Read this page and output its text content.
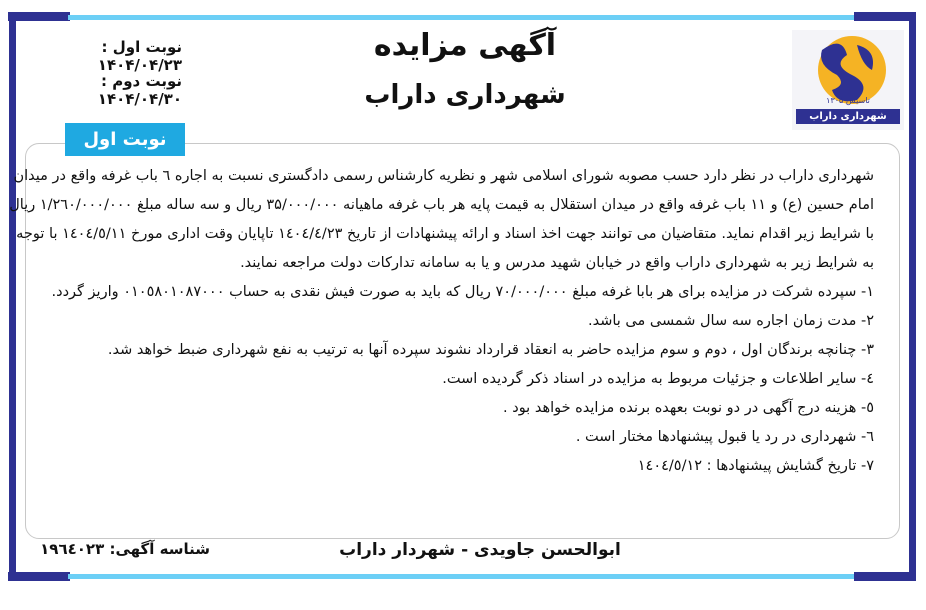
تاسیس ۱۳۰۵
شهرداری داراب
آگهی مزایده
شهرداری داراب
نوبت اول : ۱۴۰۴/۰۴/۲۳
نوبت دوم : ۱۴۰۴/۰۴/۳۰
نوبت اول
شهرداری داراب در نظر دارد حسب مصوبه شورای اسلامی شهر و نظریه کارشناس رسمی دادگستری نسبت به اجاره ٦ باب غرفه واقع در میدان
امام حسین (ع) و ۱۱ باب غرفه واقع در میدان استقلال به قیمت پایه هر باب غرفه ماهیانه ۳۵/۰۰۰/۰۰۰ ریال و سه ساله مبلغ ۱/۲٦۰/۰۰۰/۰۰۰ ریال
با شرایط زیر اقدام نماید. متقاضیان می توانند جهت اخذ اسناد و ارائه پیشنهادات از تاریخ ۱٤۰٤/٤/۲۳ تاپایان وقت اداری مورخ ۱٤۰٤/٥/۱۱ با توجه
به شرایط زیر به شهرداری داراب واقع در خیابان شهید مدرس و یا به سامانه تدارکات دولت مراجعه نمایند.
۱- سپرده شرکت در مزایده برای هر بابا غرفه مبلغ ۷۰/۰۰۰/۰۰۰ ریال که باید به صورت فیش نقدی به حساب ۰۱۰٥۸۰۱۰۸۷۰۰۰ واریز گردد.
۲- مدت زمان اجاره سه سال شمسی می باشد.
۳- چنانچه برندگان اول ، دوم و سوم مزایده حاضر به انعقاد قرارداد نشوند سپرده آنها به ترتیب به نفع شهرداری ضبط خواهد شد.
٤- سایر اطلاعات و جزئیات مربوط به مزایده در اسناد ذکر گردیده است.
٥- هزینه درج آگهی در دو نوبت بعهده برنده مزایده خواهد بود .
٦- شهرداری در رد یا قبول پیشنهادها مختار است .
۷- تاریخ گشایش پیشنهادها : ۱٤۰٤/٥/۱۲
ابوالحسن جاویدی - شهردار داراب
شناسه آگهی: ۱۹٦٤۰۲۳
